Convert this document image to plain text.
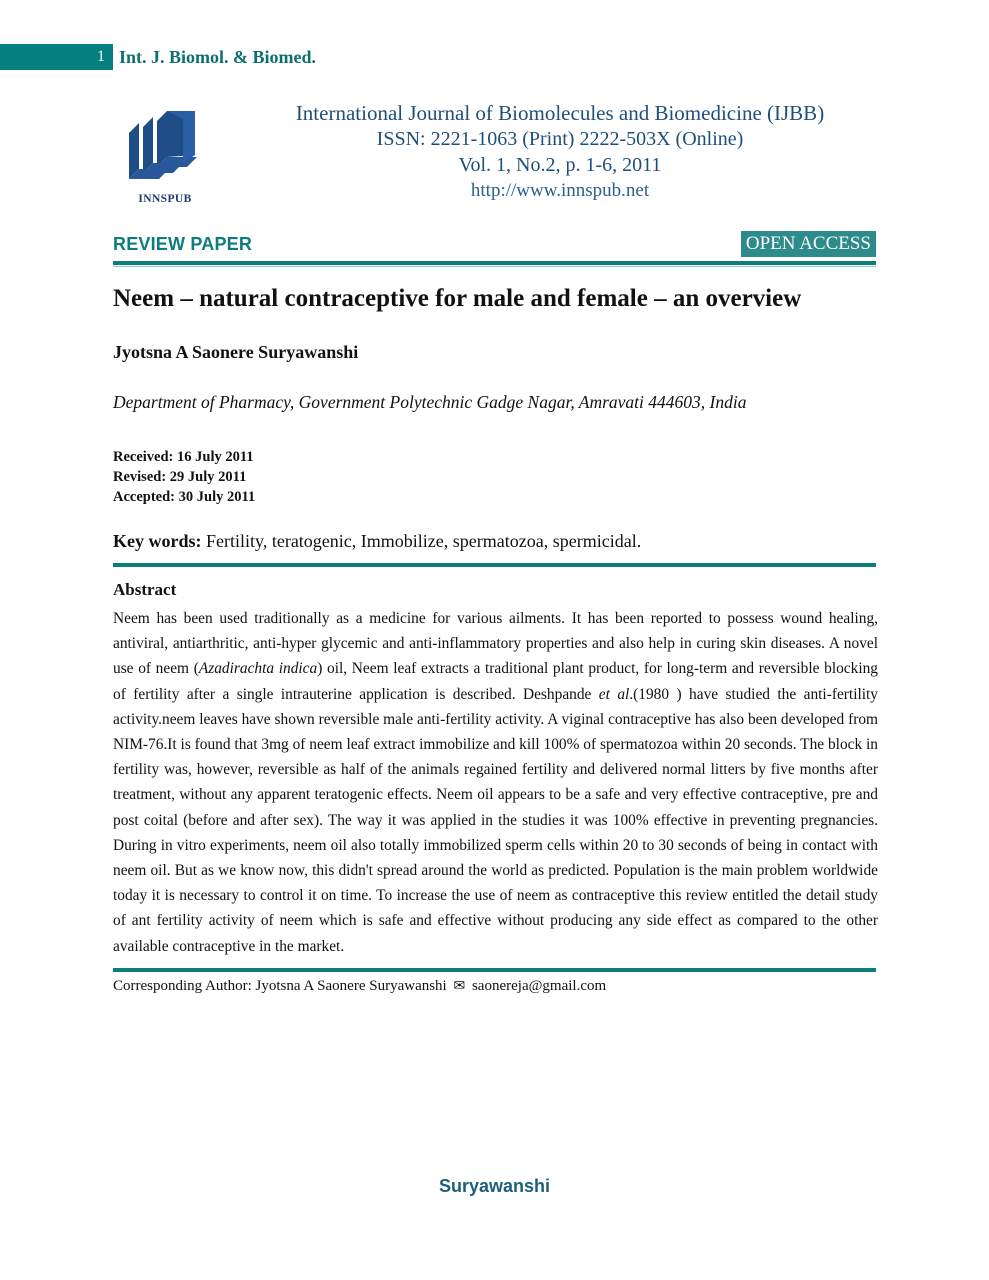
1 Int. J. Biomol. & Biomed.
INNSPUB
International Journal of Biomolecules and Biomedicine (IJBB)
ISSN: 2221-1063 (Print) 2222-503X (Online)
Vol. 1, No.2, p. 1-6, 2011
http://www.innspub.net
REVIEW PAPER	OPEN ACCESS
Neem – natural contraceptive for male and female – an overview
Jyotsna A Saonere Suryawanshi
Department of Pharmacy, Government Polytechnic Gadge Nagar, Amravati 444603, India
Received: 16 July 2011
Revised: 29 July 2011
Accepted: 30 July 2011
Key words: Fertility, teratogenic, Immobilize, spermatozoa, spermicidal.
Abstract
Neem has been used traditionally as a medicine for various ailments. It has been reported to possess wound healing, antiviral, antiarthritic, anti-hyper glycemic and anti-inflammatory properties and also help in curing skin diseases. A novel use of neem (Azadirachta indica) oil, Neem leaf extracts a traditional plant product, for long-term and reversible blocking of fertility after a single intrauterine application is described. Deshpande et al.(1980 ) have studied the anti-fertility activity.neem leaves have shown reversible male anti-fertility activity. A viginal contraceptive has also been developed from NIM-76.It is found that 3mg of neem leaf extract immobilize and kill 100% of spermatozoa within 20 seconds. The block in fertility was, however, reversible as half of the animals regained fertility and delivered normal litters by five months after treatment, without any apparent teratogenic effects. Neem oil appears to be a safe and very effective contraceptive, pre and post coital (before and after sex). The way it was applied in the studies it was 100% effective in preventing pregnancies. During in vitro experiments, neem oil also totally immobilized sperm cells within 20 to 30 seconds of being in contact with neem oil. But as we know now, this didn't spread around the world as predicted. Population is the main problem worldwide today it is necessary to control it on time. To increase the use of neem as contraceptive this review entitled the detail study of ant fertility activity of neem which is safe and effective without producing any side effect as compared to the other available contraceptive in the market.
Corresponding Author: Jyotsna A Saonere Suryawanshi ✉ saonereja@gmail.com
Suryawanshi
